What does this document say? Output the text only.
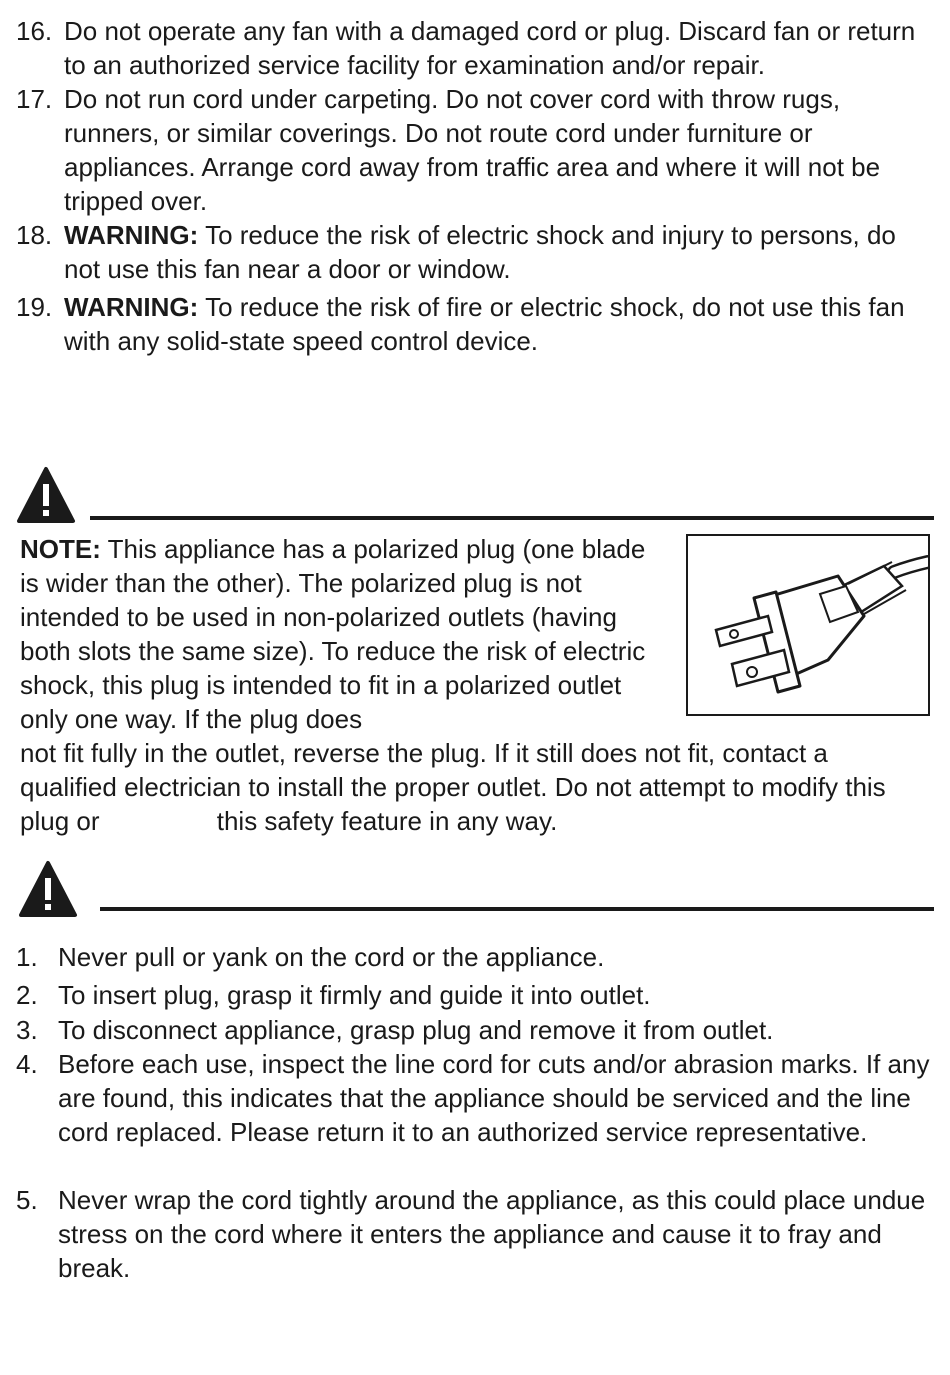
16. Do not operate any fan with a damaged cord or plug. Discard fan or return to an authorized service facility for examination and/or repair.
17. Do not run cord under carpeting. Do not cover cord with throw rugs, runners, or similar coverings. Do not route cord under furniture or appliances. Arrange cord away from traffic area and where it will not be tripped over.
18. WARNING: To reduce the risk of electric shock and injury to persons, do not use this fan near a door or window.
19. WARNING: To reduce the risk of fire or electric shock, do not use this fan with any solid-state speed control device.
NOTE: This appliance has a polarized plug (one blade is wider than the other). The polarized plug is not intended to be used in non-polarized outlets (having both slots the same size). To reduce the risk of electric shock, this plug is intended to fit in a polarized outlet only one way. If the plug does
not fit fully in the outlet, reverse the plug. If it still does not fit, contact a qualified electrician to install the proper outlet. Do not attempt to modify this plug or	this safety feature in any way.
1. Never pull or yank on the cord or the appliance.
2. To insert plug, grasp it firmly and guide it into outlet.
3. To disconnect appliance, grasp plug and remove it from outlet.
4. Before each use, inspect the line cord for cuts and/or abrasion marks. If any are found, this indicates that the appliance should be serviced and the line cord replaced. Please return it to an authorized service representative.
5. Never wrap the cord tightly around the appliance, as this could place undue stress on the cord where it enters the appliance and cause it to fray and break.
